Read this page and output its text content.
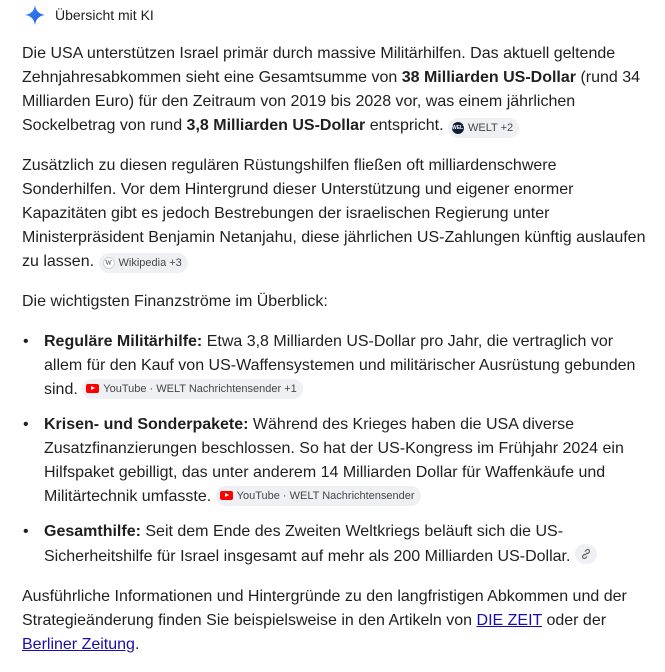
Übersicht mit KI

Die USA unterstützen Israel primär durch massive Militärhilfen. Das aktuell geltende Zehnjahresabkommen sieht eine Gesamtsumme von 38 Milliarden US-Dollar (rund 34 Milliarden Euro) für den Zeitraum von 2019 bis 2028 vor, was einem jährlichen Sockelbetrag von rund 3,8 Milliarden US-Dollar entspricht. WELT WELT +2

Zusätzlich zu diesen regulären Rüstungshilfen fließen oft milliardenschwere Sonderhilfen. Vor dem Hintergrund dieser Unterstützung und eigener enormer Kapazitäten gibt es jedoch Bestrebungen der israelischen Regierung unter Ministerpräsident Benjamin Netanjahu, diese jährlichen US-Zahlungen künftig auslaufen zu lassen.	W Wikipedia +3

Die wichtigsten Finanzströme im Überblick:

• Reguläre Militärhilfe: Etwa 3,8 Milliarden US-Dollar pro Jahr, die vertraglich vor allem für den Kauf von US-Waffensystemen und militärischer Ausrüstung gebunden sind. YouTube · WELT Nachrichtensender +1
• Krisen- und Sonderpakete: Während des Krieges haben die USA diverse Zusatzfinanzierungen beschlossen. So hat der US-Kongress im Frühjahr 2024 ein Hilfspaket gebilligt, das unter anderem 14 Milliarden Dollar für Waffenkäufe und Militärtechnik umfasste. YouTube · WELT Nachrichtensender
• Gesamthilfe: Seit dem Ende des Zweiten Weltkriegs beläuft sich die US-Sicherheitshilfe für Israel insgesamt auf mehr als 200 Milliarden US-Dollar.

Ausführliche Informationen und Hintergründe zu den langfristigen Abkommen und der Strategieänderung finden Sie beispielsweise in den Artikeln von DIE ZEIT oder der Berliner Zeitung.
